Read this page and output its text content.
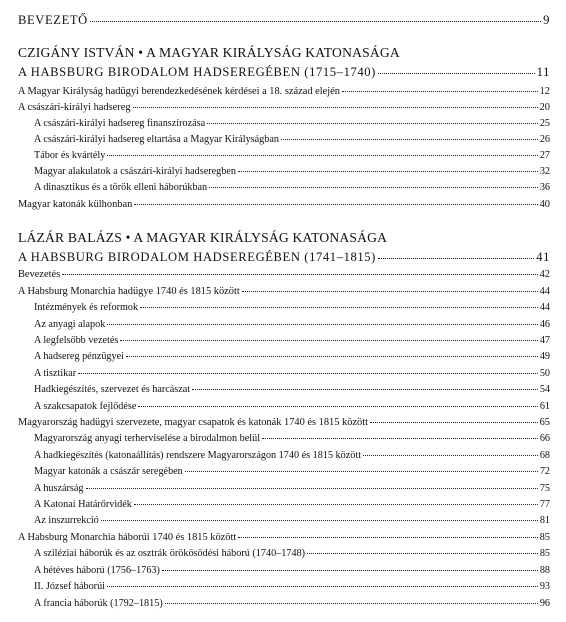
BEVEZETŐ	9
CZIGÁNY ISTVÁN • A MAGYAR KIRÁLYSÁG KATONASÁGA
A HABSBURG BIRODALOM HADSEREGÉBEN (1715–1740)	11
A Magyar Királyság hadügyi berendezkedésének kérdései a 18. század elején	12
A császári-királyi hadsereg	20
A császári-királyi hadsereg finanszírozása	25
A császári-királyi hadsereg eltartása a Magyar Királyságban	26
Tábor és kvártély	27
Magyar alakulatok a császári-királyi hadseregben	32
A dinasztikus és a török elleni háborúkban	36
Magyar katonák külhonban	40
LÁZÁR BALÁZS • A MAGYAR KIRÁLYSÁG KATONASÁGA
A HABSBURG BIRODALOM HADSEREGÉBEN (1741–1815)	41
Bevezetés	42
A Habsburg Monarchia hadügye 1740 és 1815 között	44
Intézmények és reformok	44
Az anyagi alapok	46
A legfelsőbb vezetés	47
A hadsereg pénzügyei	49
A tisztikar	50
Hadkiegészítés, szervezet és harcászat	54
A szakcsapatok fejlődése	61
Magyarország hadügyi szervezete, magyar csapatok és katonák 1740 és 1815 között	65
Magyarország anyagi terherviselése a birodalmon belül	66
A hadkiegészítés (katonaállítás) rendszere Magyarországon 1740 és 1815 között	68
Magyar katonák a császár seregében	72
A huszárság	75
A Katonai Határőrvidék	77
Az inszurrekció	81
A Habsburg Monarchia háborúi 1740 és 1815 között	85
A sziléziai háborúk és az osztrák örökösödési háború (1740–1748)	85
A hétéves háború (1756–1763)	88
II. József háborúi	93
A francia háborúk (1792–1815)	96
